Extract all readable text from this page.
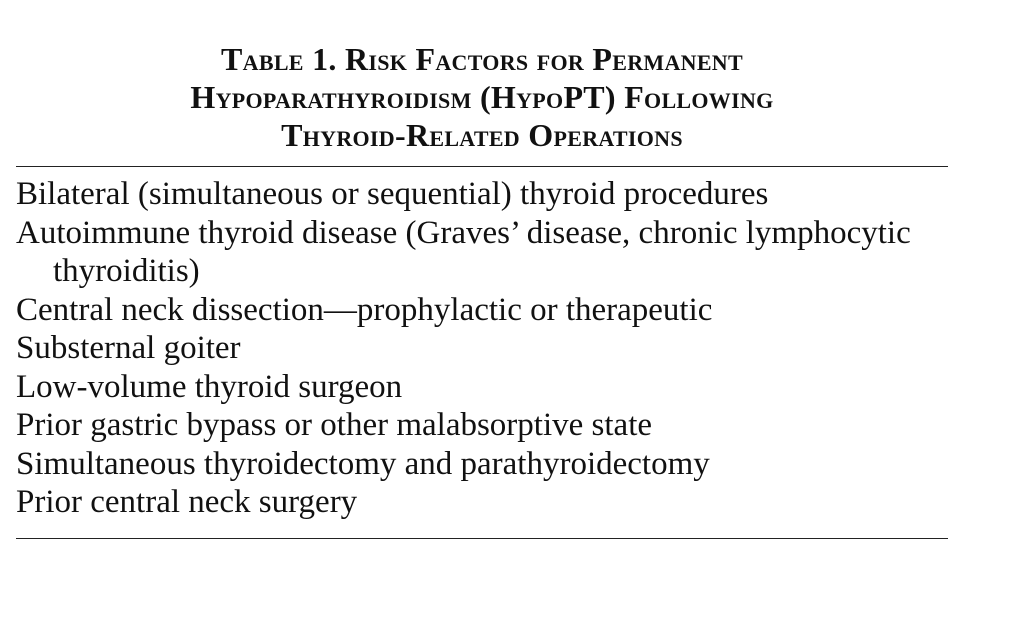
Table 1. Risk Factors for Permanent
Hypoparathyroidism (HypoPT) Following
Thyroid-Related Operations
Bilateral (simultaneous or sequential) thyroid procedures
Autoimmune thyroid disease (Graves’ disease, chronic lymphocytic thyroiditis)
Central neck dissection—prophylactic or therapeutic
Substernal goiter
Low-volume thyroid surgeon
Prior gastric bypass or other malabsorptive state
Simultaneous thyroidectomy and parathyroidectomy
Prior central neck surgery
